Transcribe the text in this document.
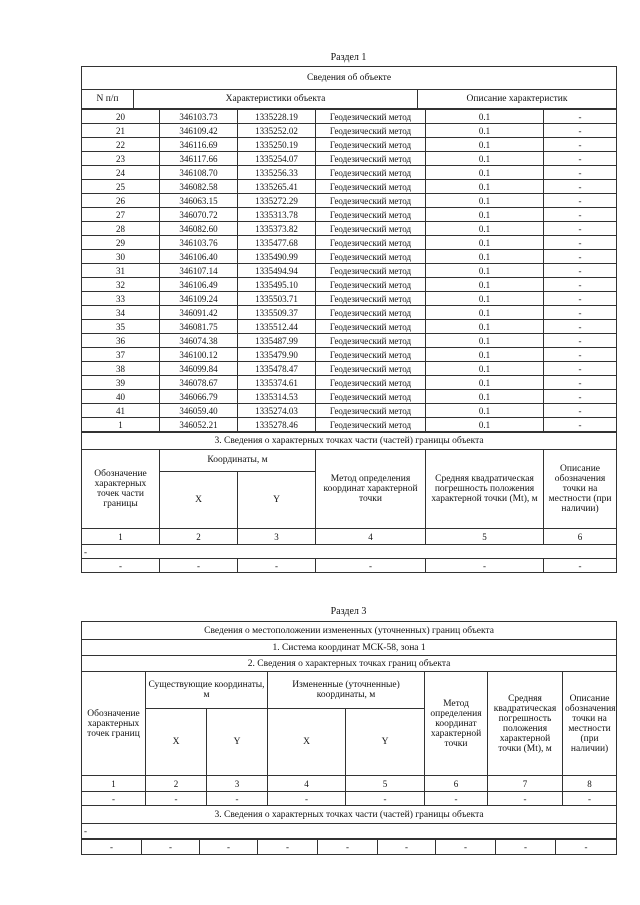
Раздел 1
Сведения об объекте
N п/п	Характеристики объекта	Описание характеристик
20	346103.73	1335228.19	Геодезический метод	0.1	-
21	346109.42	1335252.02	Геодезический метод	0.1	-
22	346116.69	1335250.19	Геодезический метод	0.1	-
23	346117.66	1335254.07	Геодезический метод	0.1	-
24	346108.70	1335256.33	Геодезический метод	0.1	-
25	346082.58	1335265.41	Геодезический метод	0.1	-
26	346063.15	1335272.29	Геодезический метод	0.1	-
27	346070.72	1335313.78	Геодезический метод	0.1	-
28	346082.60	1335373.82	Геодезический метод	0.1	-
29	346103.76	1335477.68	Геодезический метод	0.1	-
30	346106.40	1335490.99	Геодезический метод	0.1	-
31	346107.14	1335494.94	Геодезический метод	0.1	-
32	346106.49	1335495.10	Геодезический метод	0.1	-
33	346109.24	1335503.71	Геодезический метод	0.1	-
34	346091.42	1335509.37	Геодезический метод	0.1	-
35	346081.75	1335512.44	Геодезический метод	0.1	-
36	346074.38	1335487.99	Геодезический метод	0.1	-
37	346100.12	1335479.90	Геодезический метод	0.1	-
38	346099.84	1335478.47	Геодезический метод	0.1	-
39	346078.67	1335374.61	Геодезический метод	0.1	-
40	346066.79	1335314.53	Геодезический метод	0.1	-
41	346059.40	1335274.03	Геодезический метод	0.1	-
1	346052.21	1335278.46	Геодезический метод	0.1	-
3. Сведения о характерных точках части (частей) границы объекта					
Обозначение характерных точек части границы	Координаты, м		Метод определения координат характерной точки	Средняя квадратическая погрешность положения характерной точки (Mt), м	Описание обозначения точки на местности (при наличии)
	X	Y			
1	2	3	4	5	6
-					
-	-	-	-	-	-
Раздел 3
Сведения о местоположении измененных (уточненных) границ объекта							
1. Система координат МСК-58, зона 1							
2. Сведения о характерных точках границ объекта							
Обозначение характерных точек границ	Существующие координаты, м		Измененные (уточненные) координаты, м		Метод определения координат характерной точки	Средняя квадратическая погрешность положения характерной точки (Mt), м	Описание обозначения точки на местности (при наличии)
	X	Y	X	Y			
1	2	3	4	5	6	7	8
-	-	-	-	-	-	-	-
3. Сведения о характерных точках части (частей) границы объекта							
-							
-	-	-	-	-	-	-	-	-
